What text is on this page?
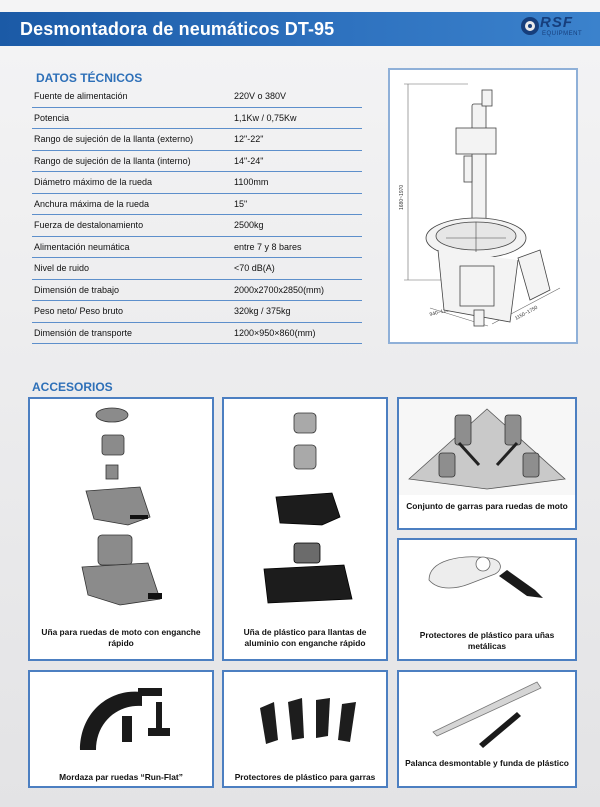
Desmontadora de neumáticos DT-95	RSF
EQUIPMENT
DATOS TÉCNICOS
Fuente de alimentación	220V o 380V
Potencia	1,1Kw / 0,75Kw
Rango de sujeción de la llanta (externo)	12"-22"
Rango de sujeción de la llanta (interno)	14"-24"
Diámetro máximo de la rueda	1100mm
Anchura máxima de la rueda	15"
Fuerza de destalonamiento	2500kg
Alimentación neumática	entre 7 y 8 bares
Nivel de ruido	<70 dB(A)
Dimensión de trabajo	2000x2700x2850(mm)
Peso neto/ Peso bruto	320kg / 375kg
Dimensión de transporte	1200×950×860(mm)
1680~1970
940~1280	1150~1750
ACCESORIOS
Uña para ruedas de moto con enganche rápido
Uña de plástico para llantas de aluminio con enganche rápido
Conjunto de garras para ruedas de moto
Protectores de plástico para uñas metálicas
Mordaza par ruedas “Run-Flat”	Protectores de plástico para garras
Palanca desmontable y funda de plástico
